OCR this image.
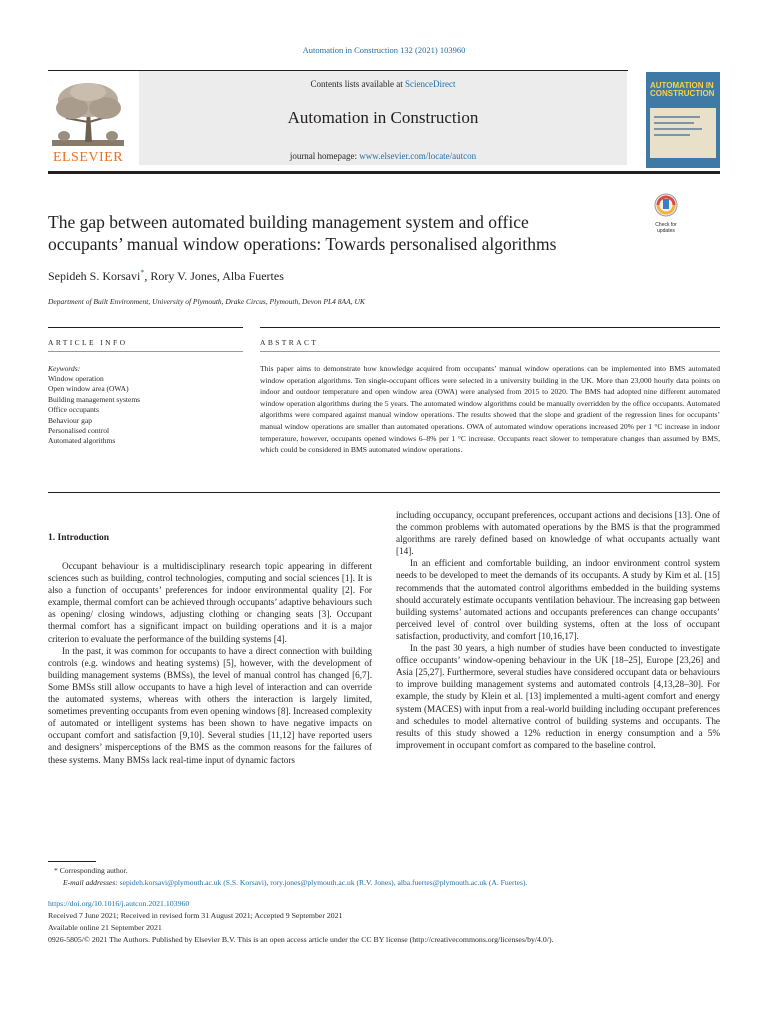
Automation in Construction 132 (2021) 103960
Contents lists available at ScienceDirect
Automation in Construction
journal homepage: www.elsevier.com/locate/autcon
ELSEVIER
AUTOMATION IN CONSTRUCTION
Check for updates
The gap between automated building management system and office
occupants’ manual window operations: Towards personalised algorithms
Sepideh S. Korsavi*, Rory V. Jones, Alba Fuertes
Department of Built Environment, University of Plymouth, Drake Circus, Plymouth, Devon PL4 8AA, UK
ARTICLE INFO	ABSTRACT
Keywords:
Window operation
Open window area (OWA)
Building management systems
Office occupants
Behaviour gap
Personalised control
Automated algorithms
This paper aims to demonstrate how knowledge acquired from occupants’ manual window operations can be implemented into BMS automated window operation algorithms. Ten single-occupant offices were selected in a university building in the UK. More than 23,000 hourly data points on indoor and outdoor temperature and open window area (OWA) were analysed from 2015 to 2020. The BMS had adopted nine different automated window operation algorithms during the 5 years. The automated window algorithms could be manually overridden by the office occupants. Automated algorithms were compared against manual window operations. The results showed that the slope and gradient of the regression lines for occupants’ manual window operations are smaller than automated operations. OWA of automated window operations increased 20% per 1 °C increase in indoor temperature, however, occupants opened windows 6–8% per 1 °C increase. Occupants react slower to temperature changes than assumed by BMS, which could be considered in BMS automated window operations.
1. Introduction

Occupant behaviour is a multidisciplinary research topic appearing in different sciences such as building, control technologies, computing and social sciences [1]. It is also a function of occupants’ preferences for indoor environmental quality [2]. For example, thermal comfort can be achieved through occupants’ adaptive behaviours such as opening/ closing windows, adjusting clothing or changing seats [3]. Occupant thermal comfort has a significant impact on building operations and it is a major criterion to evaluate the performance of the building systems [4].

In the past, it was common for occupants to have a direct connection with building controls (e.g. windows and heating systems) [5], however, with the development of building management systems (BMSs), the level of manual control has changed [6,7]. Some BMSs still allow occupants to have a high level of interaction and can override the automated systems, whereas with others the interaction is largely limited, sometimes preventing occupants from even opening windows [8]. Increased complexity of automated or intelligent systems has been shown to have negative impacts on occupant comfort and satisfaction [9,10]. Several studies [11,12] have reported users and designers’ misperceptions of the BMS as the common reasons for the failures of these systems. Many BMSs lack real-time input of dynamic factors

including occupancy, occupant preferences, occupant actions and decisions [13]. One of the common problems with automated operations by the BMS is that the programmed algorithms are rarely defined based on knowledge of what occupants actually want [14].

In an efficient and comfortable building, an indoor environment control system needs to be developed to meet the demands of its occupants. A study by Kim et al. [15] recommends that the automated control algorithms embedded in the building systems should accurately estimate occupants ventilation behaviour. The increasing gap between building systems’ automated actions and occupants preferences can change occupants’ perceived level of control over building systems, often at the loss of occupant satisfaction, productivity, and comfort [10,16,17].

In the past 30 years, a high number of studies have been conducted to investigate office occupants’ window-opening behaviour in the UK [18–25], Europe [23,26] and Asia [25,27]. Furthermore, several studies have considered occupant data or behaviours to improve building management systems and automated controls [4,13,28–30]. For example, the study by Klein et al. [13] implemented a multi-agent comfort and energy system (MACES) with input from a real-world building including occupant preferences and schedules to model alternative control of building systems and occupants. The results of this study showed a 12% reduction in energy consumption and a 5% improvement in occupant comfort as compared to the baseline control.

* Corresponding author.
E-mail addresses: sepideh.korsavi@plymouth.ac.uk (S.S. Korsavi), rory.jones@plymouth.ac.uk (R.V. Jones), alba.fuertes@plymouth.ac.uk (A. Fuertes).
https://doi.org/10.1016/j.autcon.2021.103960
Received 7 June 2021; Received in revised form 31 August 2021; Accepted 9 September 2021
Available online 21 September 2021
0926-5805/© 2021 The Authors. Published by Elsevier B.V. This is an open access article under the CC BY license (http://creativecommons.org/licenses/by/4.0/).
